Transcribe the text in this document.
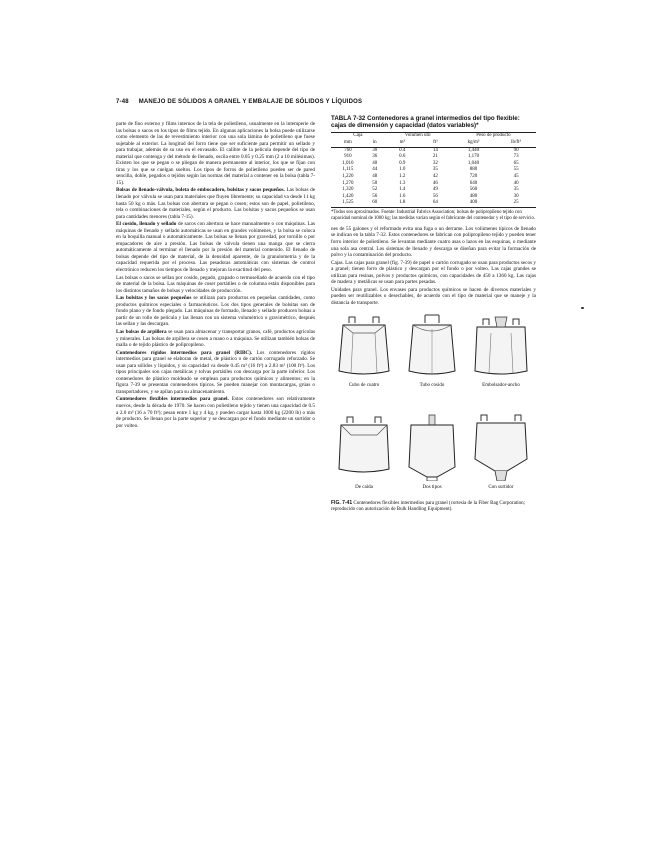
7-48 MANEJO DE SÓLIDOS A GRANEL Y EMBALAJE DE SÓLIDOS Y LÍQUIDOS

parte de fino externo y films internos de la tela de polietileno, usualmente en la intemperie de las bolsas o sacos en los tipos de films tejido. En algunas aplicaciones la bolsa puede utilizarse como elemento de las de revestimiento interior con una sola lámina de polietileno que fuese sujetable al exterior. La longitud del forro tiene que ser suficiente para permitir un sellado y para trabajar, además de su uso en el envasado. El calibre de la película depende del tipo de material que contenga y del método de llenado, oscila entre 0.05 y 0.25 mm (2 a 10 milésimas). Existen los que se pegan o se pliegan de manera permanente al interior, los que se fijan con tiras y los que se cuelgan sueltos. Los tipos de forros de polietileno pueden ser de pared sencilla, doble, pegados o tejidos según las normas del material a contener en la bolsa (tabla 7-15).

Bolsas de llenado-válvula, boleta de embocadero, bolsitas y sacos pequeños. Las bolsas de llenado por válvula se usan para materiales que fluyen libremente; su capacidad va desde 11 kg hasta 50 kg o más. Las bolsas con abertura se pegan o cosen; estos son de papel, polietileno, tela o combinaciones de materiales, según el producto. Las bolsitas y sacos pequeños se usan para cantidades menores (tabla 7-15).

El cosido, llenado y sellado de sacos con abertura se hace manualmente o con máquinas. Las máquinas de llenado y sellado automáticas se usan en grandes volúmenes, y la bolsa se coloca en la boquilla manual o automáticamente. Las bolsas se llenan por gravedad, por tornillo o por empacadores de aire a presión. Las bolsas de válvula tienen una manga que se cierra automáticamente al terminar el llenado por la presión del material contenido. El llenado de bolsas depende del tipo de material, de la densidad aparente, de la granulometría y de la capacidad requerida por el proceso. Las pesadoras automáticas con sistemas de control electrónico reducen los tiempos de llenado y mejoran la exactitud del peso.

Las bolsas o sacos se sellan por cosido, pegado, grapado o termosellado de acuerdo con el tipo de material de la bolsa. Las máquinas de coser portátiles o de columna están disponibles para los distintos tamaños de bolsas y velocidades de producción.

Las bolsitas y los sacos pequeños se utilizan para productos en pequeñas cantidades, como productos químicos especiales o farmacéuticos. Los dos tipos generales de bolsitas son de fondo plano y de fondo plegado. Las máquinas de formado, llenado y sellado producen bolsas a partir de un rollo de película y las llenan con un sistema volumétrico o gravimétrico, después las sellan y las descargan.

Las bolsas de arpillera se usan para almacenar y transportar granos, café, productos agrícolas y minerales. Las bolsas de arpillera se cosen a mano o a máquina. Se utilizan también bolsas de malla o de tejido plástico de polipropileno.

Contenedores rígidos intermedios para granel (RIBC). Los contenedores rígidos intermedios para granel se elaboran de metal, de plástico o de cartón corrugado reforzado. Se usan para sólidos y líquidos, y su capacidad va desde 0.45 m³ (16 ft³) a 2.83 m³ (100 ft³). Los tipos principales son cajas metálicas y tolvas portátiles con descarga por la parte inferior. Los contenedores de plástico moldeado se emplean para productos químicos y alimentos; en la figura 7-39 se presentan contenedores típicos. Se pueden manejar con montacargas, grúas o transportadores, y se apilan para su almacenamiento.

Contenedores flexibles intermedios para granel. Estos contenedores son relativamente nuevos, desde la década de 1970. Se hacen con polietileno tejido y tienen una capacidad de 0.5 a 2.0 m³ (16 a 70 ft³); pesan entre 1 kg y 4 kg, y pueden cargar hasta 1000 kg (2200 lb) o más de producto. Se llenan por la parte superior y se descargan por el fondo mediante un surtidor o por volteo.

TABLA 7-32 Contenedores a granel intermedios del tipo flexible: cajas de dimensión y capacidad (datos variables)*
Caja		Volumen útil		Peso de producto	
mm	in	m³	ft³	kg/m³	lb/ft³
760	30	0.4	14	1,440	90
910	36	0.6	21	1,170	73
1,010	40	0.9	32	1,040	65
1,115	44	1.0	35	880	55
1,220	48	1.2	42	720	45
1,270	50	1.3	46	640	40
1,320	52	1.4	49	560	35
1,420	56	1.6	56	480	30
1,525	60	1.8	64	400	25
*Todos son aproximados. Fuente: Industrial Fabrics Association; bolsas de polipropileno tejido con capacidad nominal de 1000 kg; las medidas varían según el fabricante del contenedor y el tipo de servicio.

nes de 55 galones y el reformado evita una fuga o un derrame. Los volúmenes típicos de llenado se indican en la tabla 7-32. Estos contenedores se fabrican con polipropileno tejido y pueden tener forro interior de polietileno. Se levantan mediante cuatro asas o lazos en las esquinas, o mediante una sola asa central. Los sistemas de llenado y descarga se diseñan para evitar la formación de polvo y la contaminación del producto.

Cajas. Las cajas para granel (fig. 7-39) de papel o cartón corrugado se usan para productos secos y a granel; tienen forro de plástico y descargan por el fondo o por volteo. Las cajas grandes se utilizan para resinas, polvos y productos químicos, con capacidades de 450 a 1360 kg. Las cajas de madera y metálicas se usan para partes pesadas.

Unidades para granel. Los envases para productos químicos se hacen de diversos materiales y pueden ser reutilizables o desechables, de acuerdo con el tipo de material que se maneje y la distancia de transporte.

Cubo de cuatro	Tubo cosido	Embolsador-ancho
De caída	Dos tipos	Con surtidor
FIG. 7-41 Contenedores flexibles intermedios para granel (cortesía de la Fiber Bag Corporation; reproducido con autorización de Bulk Handling Equipment).
